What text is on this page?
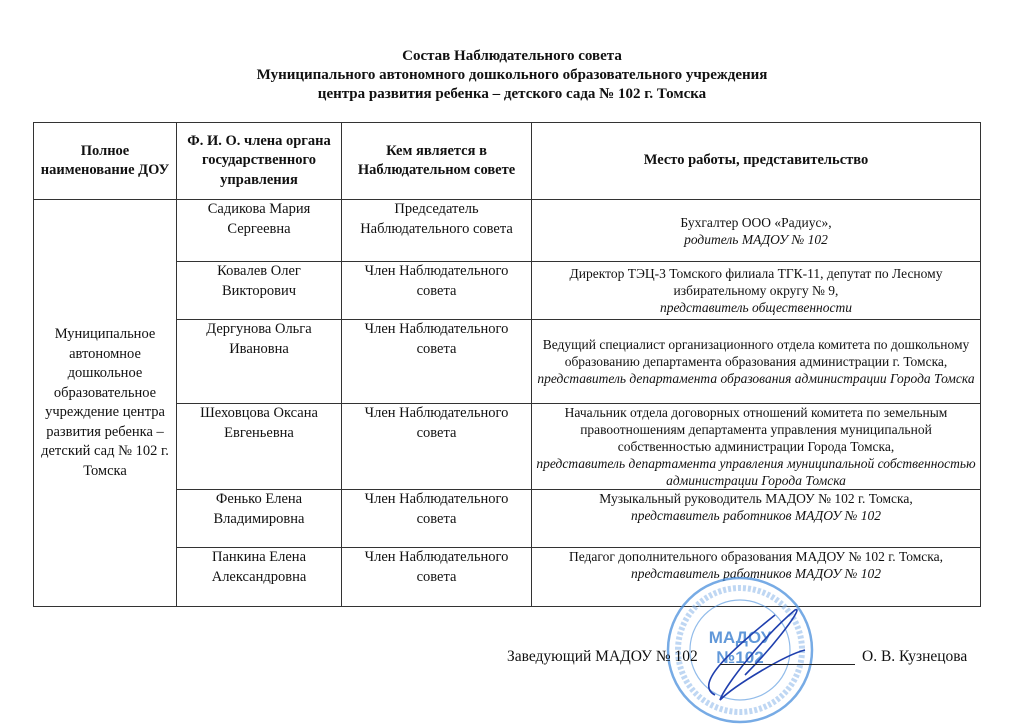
Состав Наблюдательного совета
Муниципального автономного дошкольного образовательного учреждения
центра развития ребенка – детского сада № 102 г. Томска
Полное наименование ДОУ	Ф. И. О. члена органа государственного управления	Кем является в Наблюдательном совете	Место работы, представительство
Муниципальное автономное дошкольное образовательное учреждение центра развития ребенка – детский сад № 102 г. Томска	Садикова Мария Сергеевна	Председатель Наблюдательного совета	Бухгалтер ООО «Радиус»,
родитель МАДОУ № 102

	Ковалев Олег Викторович	Член Наблюдательного совета	Директор ТЭЦ-3 Томского филиала ТГК-11, депутат по Лесному избирательному округу № 9,
представитель общественности

	Дергунова Ольга Ивановна	Член Наблюдательного совета	Ведущий специалист организационного отдела комитета по дошкольному образованию департамента образования администрации г. Томска,
представитель департамента образования администрации Города Томска

	Шеховцова Оксана Евгеньевна	Член Наблюдательного совета	Начальник отдела договорных отношений комитета по земельным правоотношениям департамента управления муниципальной собственностью администрации Города Томска,
представитель департамента управления муниципальной собственностью администрации Города Томска

	Фенько Елена Владимировна	Член Наблюдательного совета	Музыкальный руководитель МАДОУ № 102 г. Томска,
представитель работников МАДОУ № 102

	Панкина Елена Александровна	Член Наблюдательного совета	Педагог дополнительного образования МАДОУ № 102 г. Томска,
представитель работников МАДОУ № 102
МАДОУ
№102
Заведующий МАДОУ № 102	О. В. Кузнецова
